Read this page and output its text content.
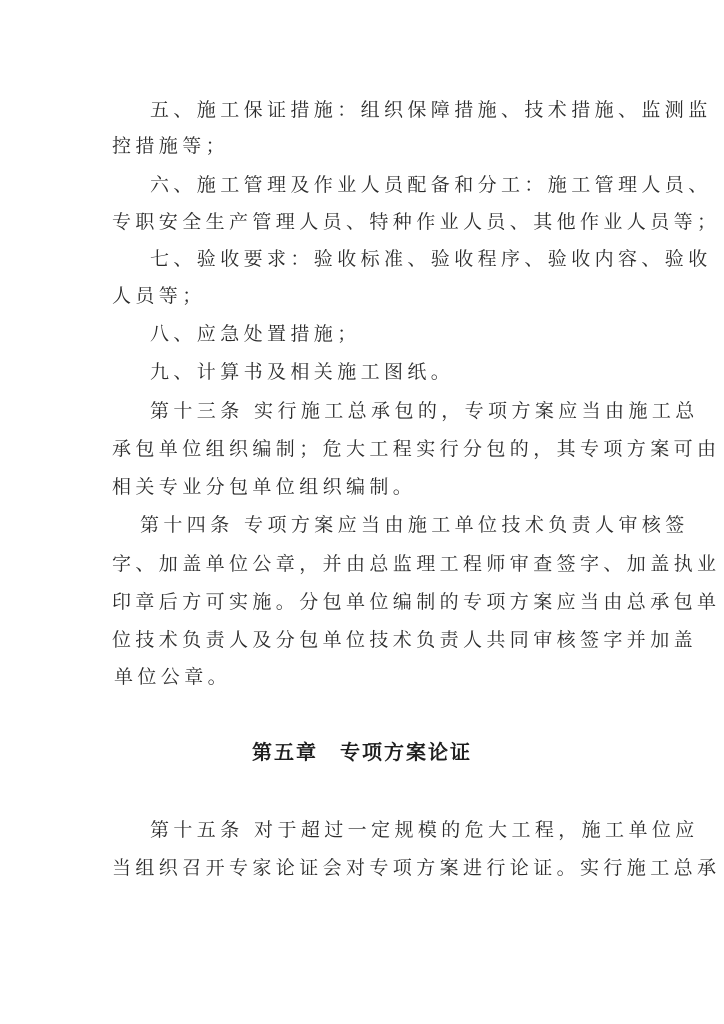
五、施工保证措施：组织保障措施、技术措施、监测监
控措施等；
六、施工管理及作业人员配备和分工：施工管理人员、
专职安全生产管理人员、特种作业人员、其他作业人员等；
七、验收要求：验收标准、验收程序、验收内容、验收
人员等；
八、应急处置措施；
九、计算书及相关施工图纸。
第十三条 实行施工总承包的，专项方案应当由施工总
承包单位组织编制；危大工程实行分包的，其专项方案可由
相关专业分包单位组织编制。
第十四条 专项方案应当由施工单位技术负责人审核签
字、加盖单位公章，并由总监理工程师审查签字、加盖执业
印章后方可实施。分包单位编制的专项方案应当由总承包单
位技术负责人及分包单位技术负责人共同审核签字并加盖
单位公章。
第五章　专项方案论证
第十五条 对于超过一定规模的危大工程，施工单位应
当组织召开专家论证会对专项方案进行论证。实行施工总承
